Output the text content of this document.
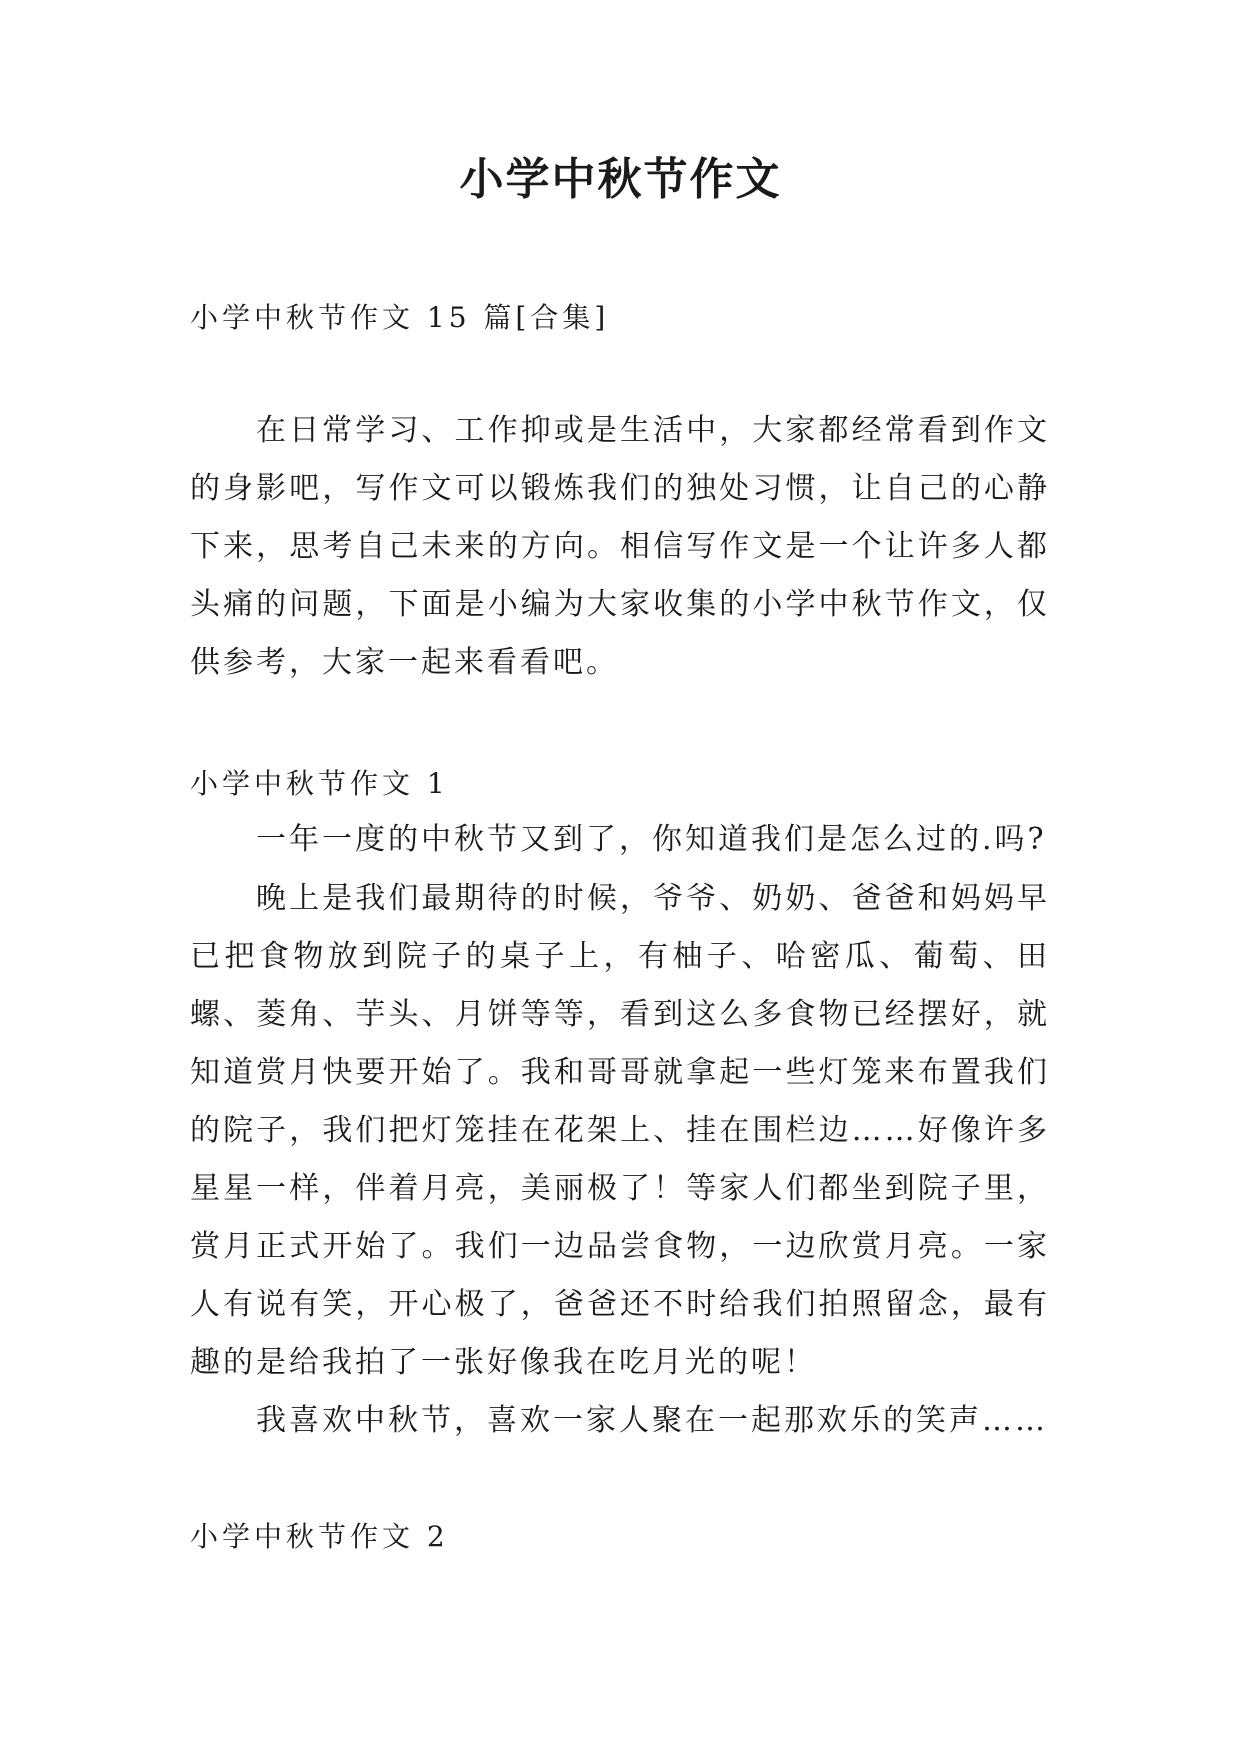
小学中秋节作文
小学中秋节作文 15 篇[合集]

在日常学习、工作抑或是生活中，大家都经常看到作文的身影吧，写作文可以锻炼我们的独处习惯，让自己的心静下来，思考自己未来的方向。相信写作文是一个让许多人都头痛的问题，下面是小编为大家收集的小学中秋节作文，仅供参考，大家一起来看看吧。

小学中秋节作文 1

一年一度的中秋节又到了，你知道我们是怎么过的.吗?

晚上是我们最期待的时候，爷爷、奶奶、爸爸和妈妈早已把食物放到院子的桌子上，有柚子、哈密瓜、葡萄、田螺、菱角、芋头、月饼等等，看到这么多食物已经摆好，就知道赏月快要开始了。我和哥哥就拿起一些灯笼来布置我们的院子，我们把灯笼挂在花架上、挂在围栏边……好像许多星星一样，伴着月亮，美丽极了！等家人们都坐到院子里，赏月正式开始了。我们一边品尝食物，一边欣赏月亮。一家人有说有笑，开心极了，爸爸还不时给我们拍照留念，最有趣的是给我拍了一张好像我在吃月光的呢！

我喜欢中秋节，喜欢一家人聚在一起那欢乐的笑声……

小学中秋节作文 2
